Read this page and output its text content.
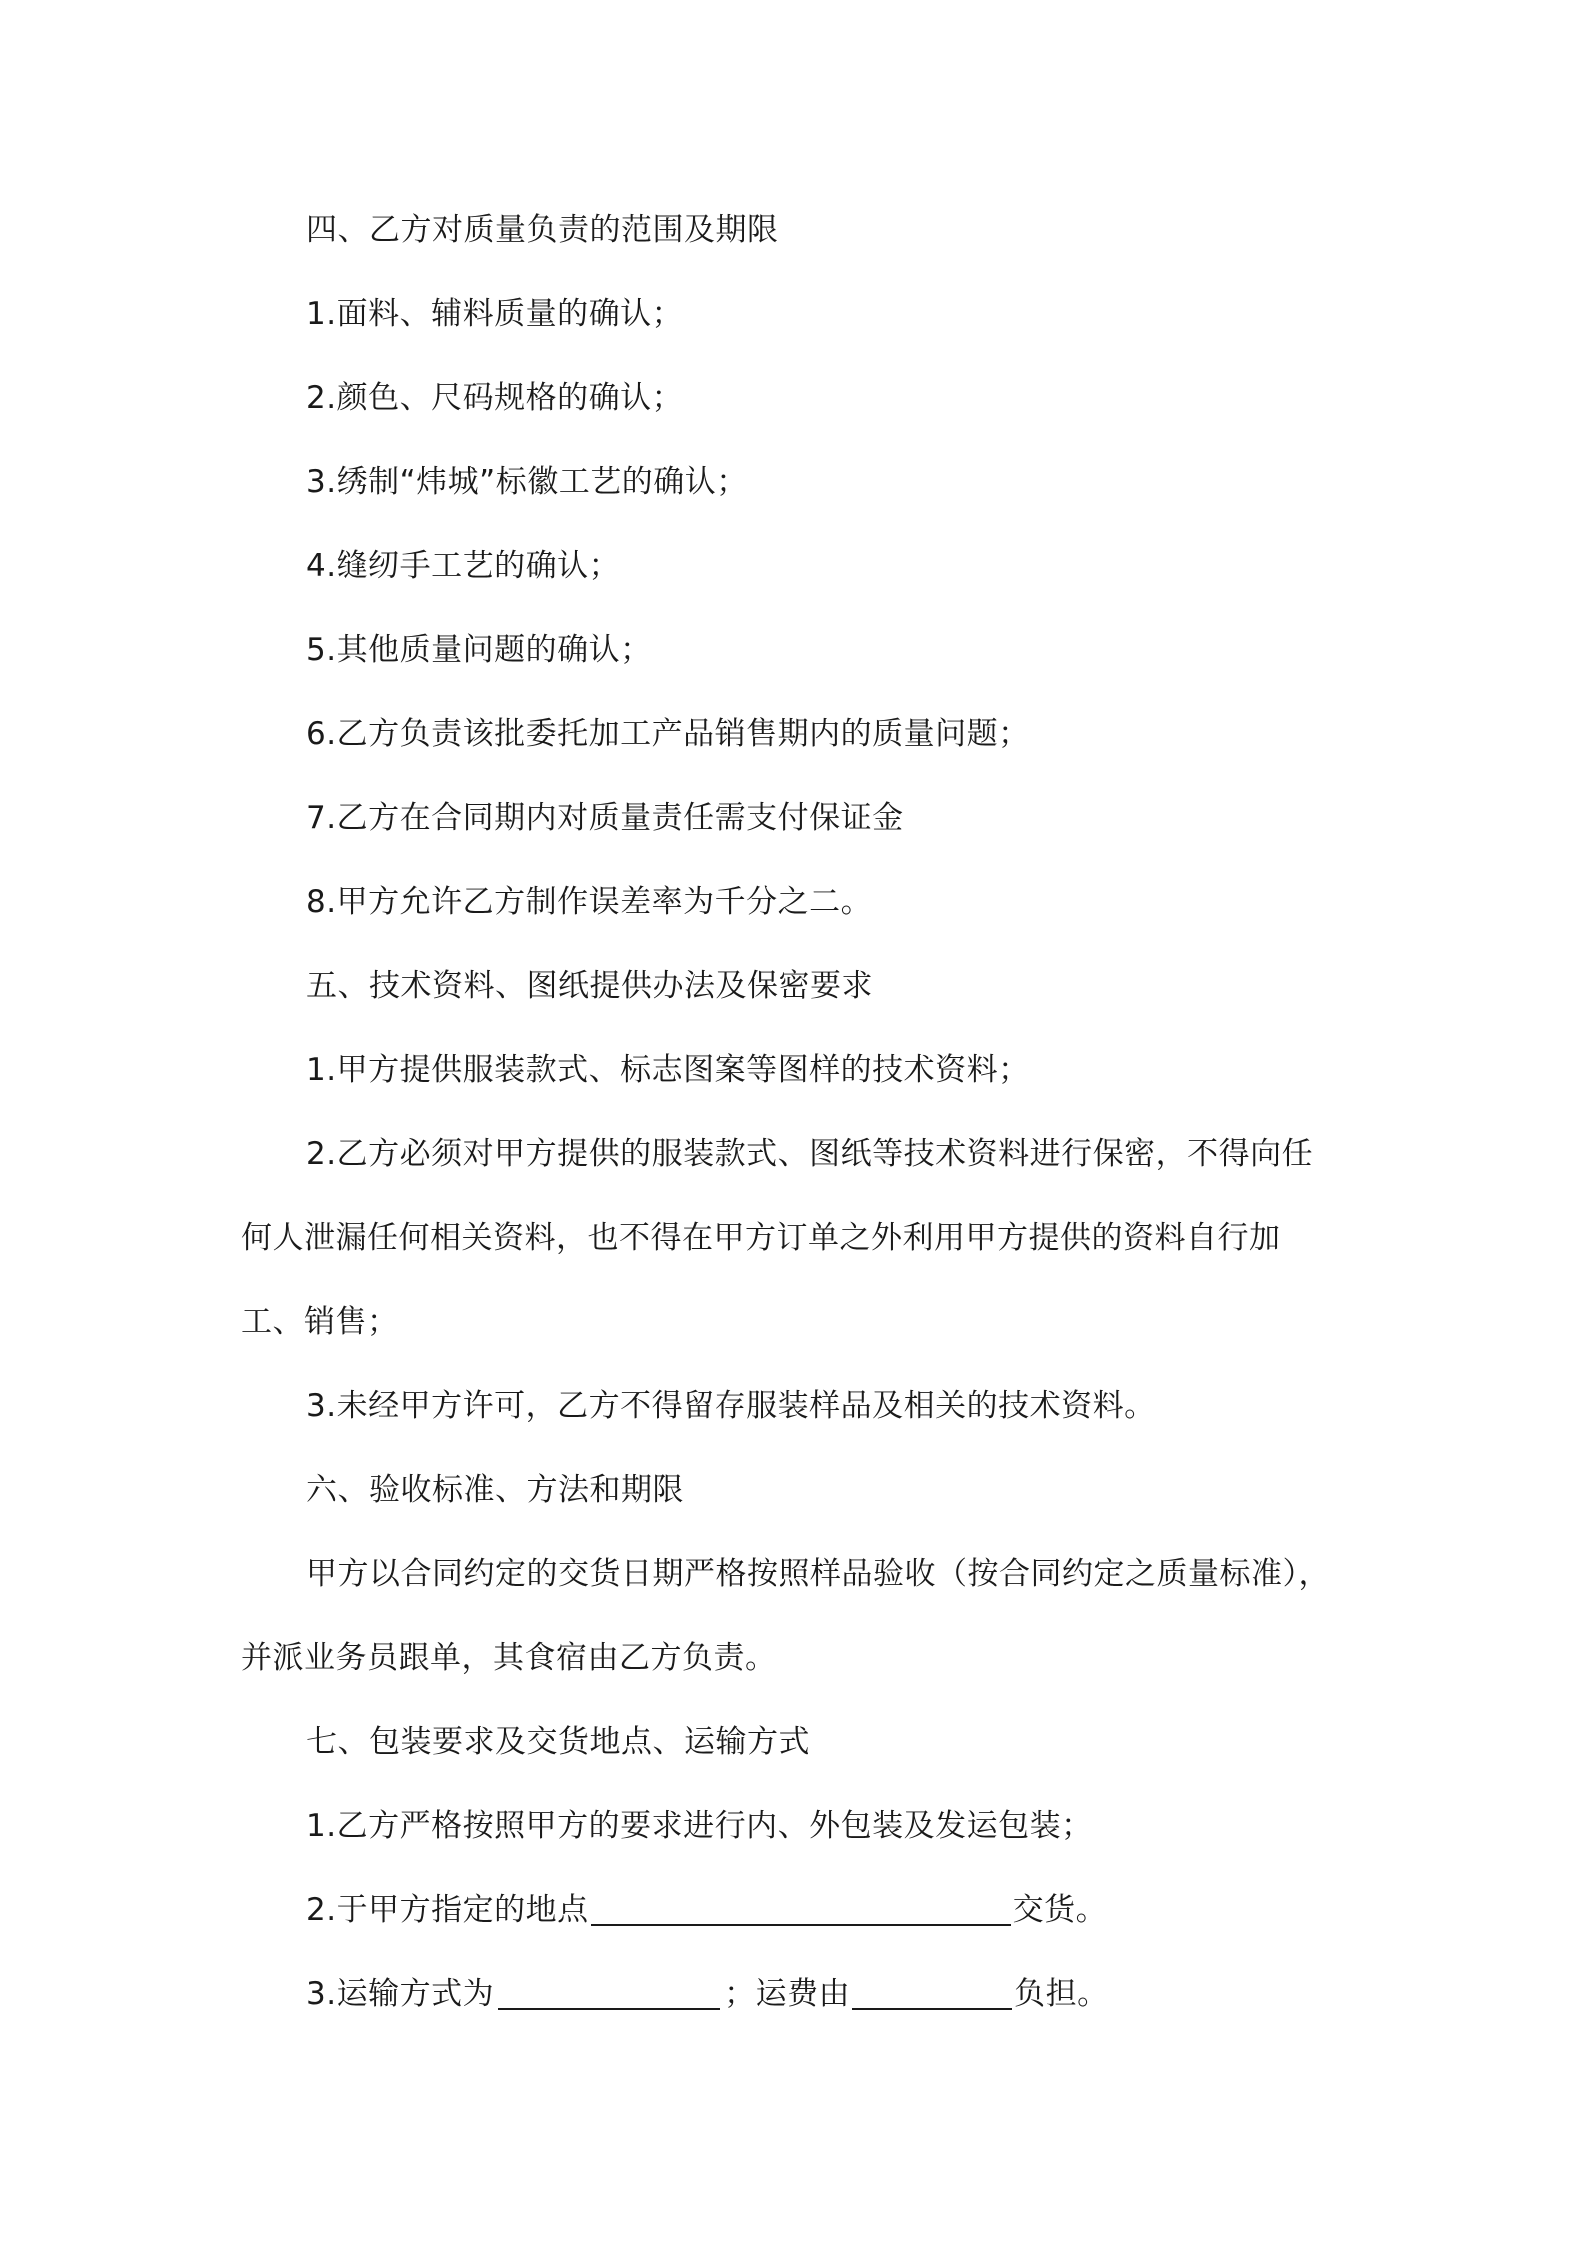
四、乙方对质量负责的范围及期限
1.面料、辅料质量的确认；
2.颜色、尺码规格的确认；
3.绣制“炜城”标徽工艺的确认；
4.缝纫手工艺的确认；
5.其他质量问题的确认；
6.乙方负责该批委托加工产品销售期内的质量问题；
7.乙方在合同期内对质量责任需支付保证金
8.甲方允许乙方制作误差率为千分之二。
五、技术资料、图纸提供办法及保密要求
1.甲方提供服装款式、标志图案等图样的技术资料；
2.乙方必须对甲方提供的服装款式、图纸等技术资料进行保密，不得向任
何人泄漏任何相关资料，也不得在甲方订单之外利用甲方提供的资料自行加
工、销售；
3.未经甲方许可，乙方不得留存服装样品及相关的技术资料。
六、验收标准、方法和期限
甲方以合同约定的交货日期严格按照样品验收（按合同约定之质量标准），
并派业务员跟单，其食宿由乙方负责。
七、包装要求及交货地点、运输方式
1.乙方严格按照甲方的要求进行内、外包装及发运包装；
2.于甲方指定的地点	交货。
3.运输方式为	；运费由	负担。
